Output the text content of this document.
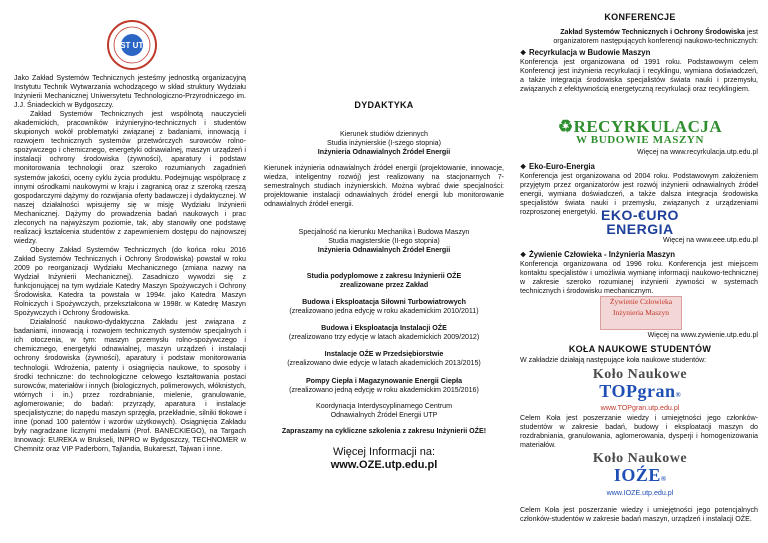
ZST UTP

Jako Zakład Systemów Technicznych jesteśmy jednostką organizacyjną Instytutu Technik Wytwarzania wchodzącego w skład struktury Wydziału Inżynierii Mechanicznej Uniwersytetu Technologiczno-Przyrodniczego im. J.J. Śniadeckich w Bydgoszczy.

Zakład Systemów Technicznych jest wspólnotą nauczycieli akademickich, pracowników inżynieryjno-technicznych i studentów skupionych wokół problematyki związanej z badaniami, innowacją i rozwojem technicznych systemów przetwórczych surowców rolno-spożywczego i chemicznego, energetyki odnawialnej, maszyn urządzeń i instalacji ochrony środowiska (żywności), aparatury i podstaw monitorowania technologii oraz szeroko rozumianych zagadnień systemów jakości, oceny cyklu życia produktu. Podejmując wspólpracę z innymi ośrodkami naukowymi w kraju i zagranicą oraz z szeroką rzeszą gospodarczymi dążymy do rozwijania oferty badawczej i dydaktycznej. W naszej działalności wpisujemy się w misję Wydziału Inżynierii Mechanicznej. Dążymy do prowadzenia badań naukowych i prac zleconych na najwyższym poziomie, tak, aby stanowiły one podstawę realizacji kształcenia studentów z zapewnieniem dostępu do najnowszej wiedzy.

Obecny Zakład Systemów Technicznych (do końca roku 2016 Zakład Systemów Technicznych i Ochrony Środowiska) powstał w roku 2009 po reorganizacji Wydziału Mechanicznego (zmiana nazwy na Wydział Inżynierii Mechanicznej). Zasadniczo wywodzi się z funkcjonującej na tym wydziale Katedry Maszyn Spożywczych i Ochrony Środowiska. Katedra ta powstała w 1994r. jako Katedra Maszyn Rolniczych i Spożywczych, przekształcona w 1998r. w Katedrę Maszyn Spożywczych i Ochrony Środowiska.

Działalność naukowo-dydaktyczna Zakładu jest związana z badaniami, innowacją i rozwojem technicznych systemów specjalnych i ich otoczenia, w tym: maszyn przemysłu rolno-spożywczego i chemicznego, energetyki odnawialnej, maszyn urządzeń i instalacji ochrony środowiska (żywności), aparatury i podstaw monitorowania technologii. Wdrożenia, patenty i osiągnięcia naukowe, to sposoby i środki techniczne: do technologiczne celowego kształtowania postaci surowców, materiałów i innych (biologicznych, polimerowych, włóknistych, wtórnych i in.) przez rozdrabnianie, mielenie, granulowanie, aglomerowanie; do badań: przyrządy, aparatura i instalacje specjalistyczne; do napędu maszyn sprzęgła, przekładnie, silniki tłokowe i inne (ponad 100 patentów i wzorów użytkowych). Osiągnięcia Zakładu były nagradzane licznymi medalami (Prof. BANECKIEGO), na Targach Innowacji: EUREKA w Brukseli, INPRO w Bydgoszczy, TECHNOMER w Chemnitz oraz VIP Paderborn, Tajlandia, Bukareszt, Tajwan i inne.

DYDAKTYKA
Kierunek studiów dziennych
Studia inżynierskie (I-szego stopnia)
Inżynieria Odnawialnych Źródeł Energii
Kierunek inżynieria odnawialnych źródeł energii (projektowanie, innowacje, wiedza, inteligentny rozwój) jest realizowany na stacjonarnych 7-semestralnych studiach inżynierskich. Można wybrać dwie specjalności: projektowanie instalacji odnawialnych źródeł energii lub monitorowanie odnawialnych źródeł energii.
Specjalność na kierunku Mechanika i Budowa Maszyn
Studia magisterskie (II-ego stopnia)
Inżynieria Odnawialnych Źródeł Energii
Studia podyplomowe z zakresu Inżynierii OŹE
zrealizowane przez Zakład
Budowa i Eksploatacja Siłowni Turbowiatrowych
(zrealizowano jedna edycję w roku akademickim 2010/2011)
Budowa i Eksploatacja Instalacji OŹE
(zrealizowano trzy edycje w latach akademickich 2009/2012)
Instalacje OŹE w Przedsiębiorstwie
(zrealizowano dwie edycje w latach akademickich 2013/2015)
Pompy Ciepła i Magazynowanie Energii Ciepła
(zrealizowano jedną edycję w roku akademickim 2015/2016)
Koordynacja Interdyscyplinarnego Centrum Odnawialnych Źródeł Energii UTP
Zapraszamy na cykliczne szkolenia z zakresu Inżynierii OŹE!
Więcej Informacji na:
www.OZE.utp.edu.pl
KONFERENCJE
Zakład Systemów Technicznych i Ochrony Środowiska jest organizatorem następujących konferencji naukowo-technicznych:
❖ Recyrkulacja w Budowie Maszyn
Konferencja jest organizowana od 1991 roku. Podstawowym celem Konferencji jest inżynieria recyrkulacji i recyklingu, wymiana doświadczeń, a także integracja środowiska specjalistów świata nauki i przemysłu, związanych z efektywnością energetyczną recyrkulacji oraz recyklingiem.
♻RECYRKULACJA
W BUDOWIE MASZYN
Więcej na www.recyrkulacja.utp.edu.pl
❖ Eko-Euro-Energia
Konferencja jest organizowana od 2004 roku. Podstawowym założeniem przyjętym przez organizatorów jest rozwój inżynierii odnawialnych źródeł energii, wymiana doświadczeń, a także dalsza integracja środowiska specjalistów świata nauki i przemysłu, związanych z urządzeniami rozproszonej energetyki. EKO-€URO
ENERGIA
Więcej na www.eee.utp.edu.pl
❖ Żywienie Człowieka - Inżynieria Maszyn
Konferencja organizowana od 1996 roku. Konferencja jest miejscem kontaktu specjalistów i umożliwia wymianę informacji naukowo-technicznej w zakresie szeroko rozumianej inżynierii żywności w systemach technicznych i środowisku mechanicznym.
Żywienie Człowieka
Inżynieria Maszyn
Więcej na www.zywienie.utp.edu.pl
KOŁA NAUKOWE STUDENTÓW
W zakładzie działają następujące koła naukowe studentów:
Koło Naukowe
TOPgran®
www.TOPgran.utp.edu.pl
Celem Koła jest poszerzanie wiedzy i umiejętności jego członków-studentów w zakresie badań, budowy i eksploatacji maszyn do rozdrabniania, granulowania, aglomerowania, dysperji i homogenizowania materiałów.
Koło Naukowe
IOŹE®
www.IOZE.utp.edu.pl
Celem Koła jest poszerzanie wiedzy i umiejętności jego potencjalnych członków-studentów w zakresie badań maszyn, urządzeń i instalacji OŹE.
